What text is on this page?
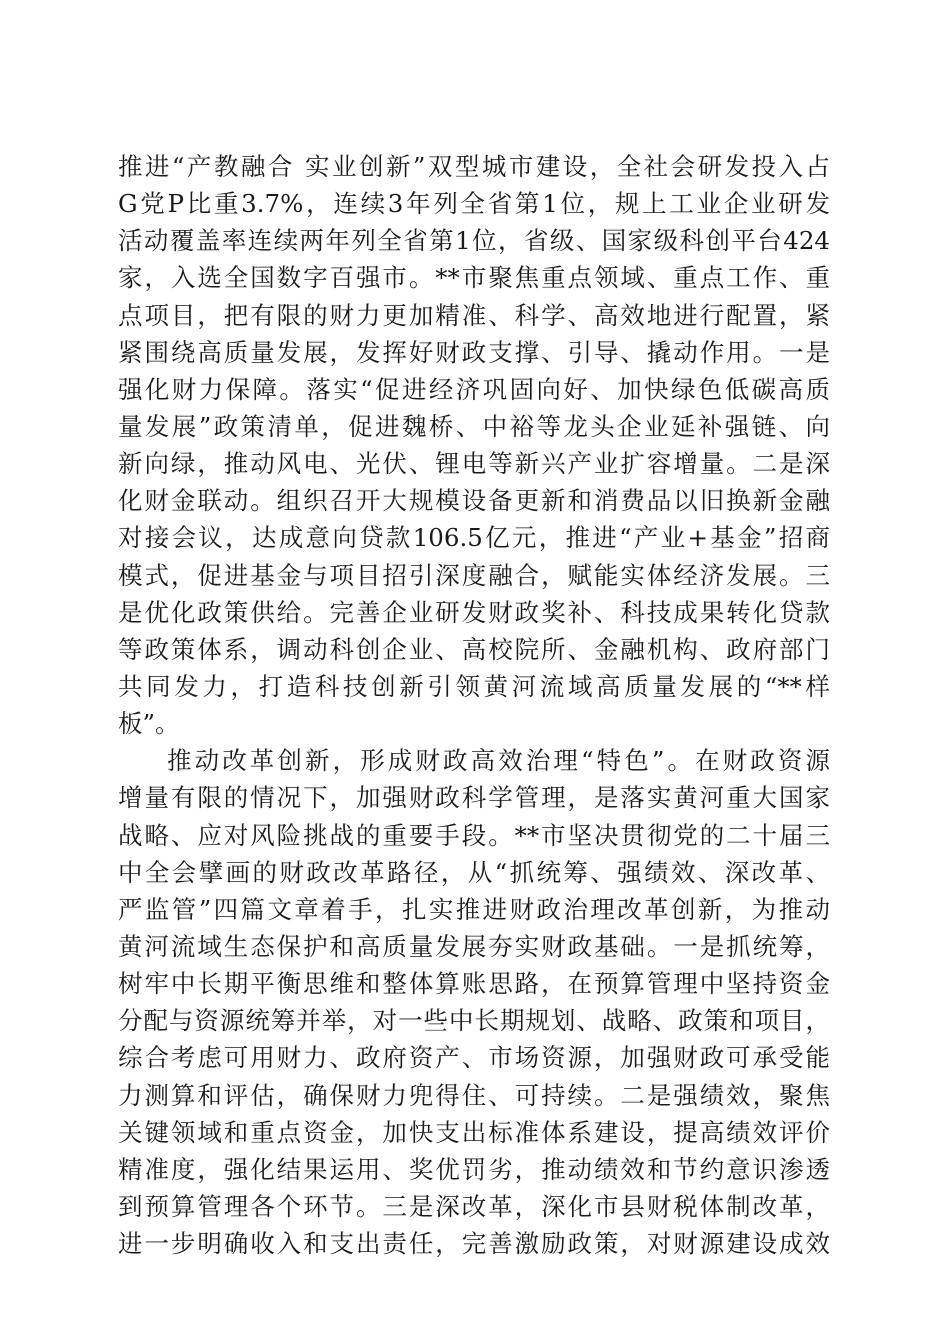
推进“产教融合 实业创新”双型城市建设，全社会研发投入占
G党P比重3.7%，连续3年列全省第1位，规上工业企业研发
活动覆盖率连续两年列全省第1位，省级、国家级科创平台424
家，入选全国数字百强市。**市聚焦重点领域、重点工作、重
点项目，把有限的财力更加精准、科学、高效地进行配置，紧
紧围绕高质量发展，发挥好财政支撑、引导、撬动作用。一是
强化财力保障。落实“促进经济巩固向好、加快绿色低碳高质
量发展”政策清单，促进魏桥、中裕等龙头企业延补强链、向
新向绿，推动风电、光伏、锂电等新兴产业扩容增量。二是深
化财金联动。组织召开大规模设备更新和消费品以旧换新金融
对接会议，达成意向贷款106.5亿元，推进“产业+基金”招商
模式，促进基金与项目招引深度融合，赋能实体经济发展。三
是优化政策供给。完善企业研发财政奖补、科技成果转化贷款
等政策体系，调动科创企业、高校院所、金融机构、政府部门
共同发力，打造科技创新引领黄河流域高质量发展的“**样
板”。
推动改革创新，形成财政高效治理“特色”。在财政资源
增量有限的情况下，加强财政科学管理，是落实黄河重大国家
战略、应对风险挑战的重要手段。**市坚决贯彻党的二十届三
中全会擘画的财政改革路径，从“抓统筹、强绩效、深改革、
严监管”四篇文章着手，扎实推进财政治理改革创新，为推动
黄河流域生态保护和高质量发展夯实财政基础。一是抓统筹，
树牢中长期平衡思维和整体算账思路，在预算管理中坚持资金
分配与资源统筹并举，对一些中长期规划、战略、政策和项目，
综合考虑可用财力、政府资产、市场资源，加强财政可承受能
力测算和评估，确保财力兜得住、可持续。二是强绩效，聚焦
关键领域和重点资金，加快支出标准体系建设，提高绩效评价
精准度，强化结果运用、奖优罚劣，推动绩效和节约意识渗透
到预算管理各个环节。三是深改革，深化市县财税体制改革，
进一步明确收入和支出责任，完善激励政策，对财源建设成效
